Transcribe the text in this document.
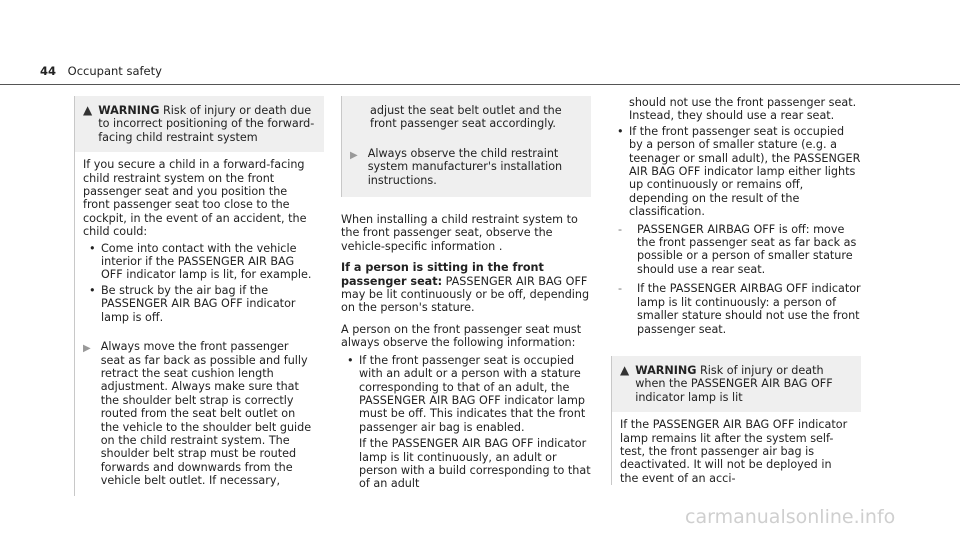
44 Occupant safety
▲ WARNING Risk of injury or death due to incorrect positioning of the forward-facing child restraint system

If you secure a child in a forward-facing child restraint system on the front passenger seat and you position the front passenger seat too close to the cockpit, in the event of an accident, the child could:

• Come into contact with the vehicle interior if the PASSENGER AIR BAG OFF indicator lamp is lit, for example.
• Be struck by the air bag if the PASSENGER AIR BAG OFF indicator lamp is off.
▶ Always move the front passenger seat as far back as possible and fully retract the seat cushion length adjustment. Always make sure that the shoulder belt strap is correctly routed from the seat belt outlet on the vehicle to the shoulder belt guide on the child restraint system. The shoulder belt strap must be routed forwards and downwards from the vehicle belt outlet. If necessary,
adjust the seat belt outlet and the front passenger seat accordingly.
▶ Always observe the child restraint system manufacturer's installation instructions.

When installing a child restraint system to the front passenger seat, observe the vehicle-specific information .

If a person is sitting in the front passenger seat: PASSENGER AIR BAG OFF may be lit continuously or be off, depending on the person's stature.

A person on the front passenger seat must always observe the following information:

• If the front passenger seat is occupied with an adult or a person with a stature corresponding to that of an adult, the PASSENGER AIR BAG OFF indicator lamp must be off. This indicates that the front passenger air bag is enabled.
If the PASSENGER AIR BAG OFF indicator lamp is lit continuously, an adult or person with a build corresponding to that of an adult
should not use the front passenger seat. Instead, they should use a rear seat.
• If the front passenger seat is occupied by a person of smaller stature (e.g. a teenager or small adult), the PASSENGER AIR BAG OFF indicator lamp either lights up continuously or remains off, depending on the result of the classification.
- PASSENGER AIRBAG OFF is off: move the front passenger seat as far back as possible or a person of smaller stature should use a rear seat.
- If the PASSENGER AIRBAG OFF indicator lamp is lit continuously: a person of smaller stature should not use the front passenger seat.
▲ WARNING Risk of injury or death when the PASSENGER AIR BAG OFF indicator lamp is lit

If the PASSENGER AIR BAG OFF indicator lamp remains lit after the system self-test, the front passenger air bag is deactivated. It will not be deployed in the event of an acci-

carmanualsonline.info
